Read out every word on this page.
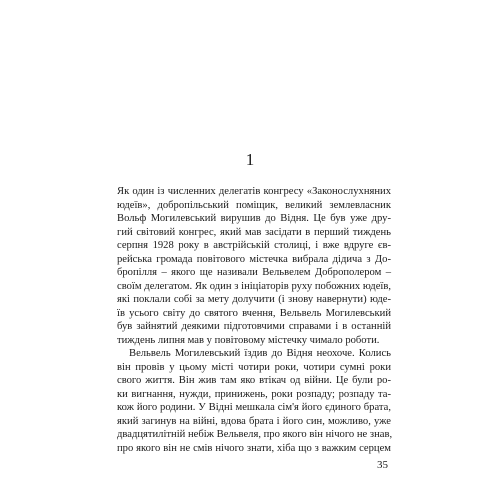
1
Як один із численних делегатів конгресу «Законослухняних
юдеїв», добропільський поміщик, великий землевласник
Вольф Могилевський вирушив до Відня. Це був уже дру-
гий світовий конгрес, який мав засідати в перший тиждень
серпня 1928 року в австрійській столиці, і вже вдруге єв-
рейська громада повітового містечка вибрала дідича з До-
бропілля – якого ще називали Вельвелем Доброполером –
своїм делегатом. Як один з ініціаторів руху побожних юдеїв,
які поклали собі за мету долучити (і знову навернути) юде-
їв усього світу до святого вчення, Вельвель Могилевський
був зайнятий деякими підготовчими справами і в останній
тиждень липня мав у повітовому містечку чимало роботи.
Вельвель Могилевський їздив до Відня неохоче. Колись
він провів у цьому місті чотири роки, чотири сумні роки
свого життя. Він жив там яко втікач од війни. Це були ро-
ки вигнання, нужди, принижень, роки розпаду; розпаду та-
кож його родини. У Відні мешкала сім'я його єдиного брата,
який загинув на війні, вдова брата і його син, можливо, уже
двадцятилітній небіж Вельвеля, про якого він нічого не знав,
про якого він не смів нічого знати, хіба що з важким серцем
35
